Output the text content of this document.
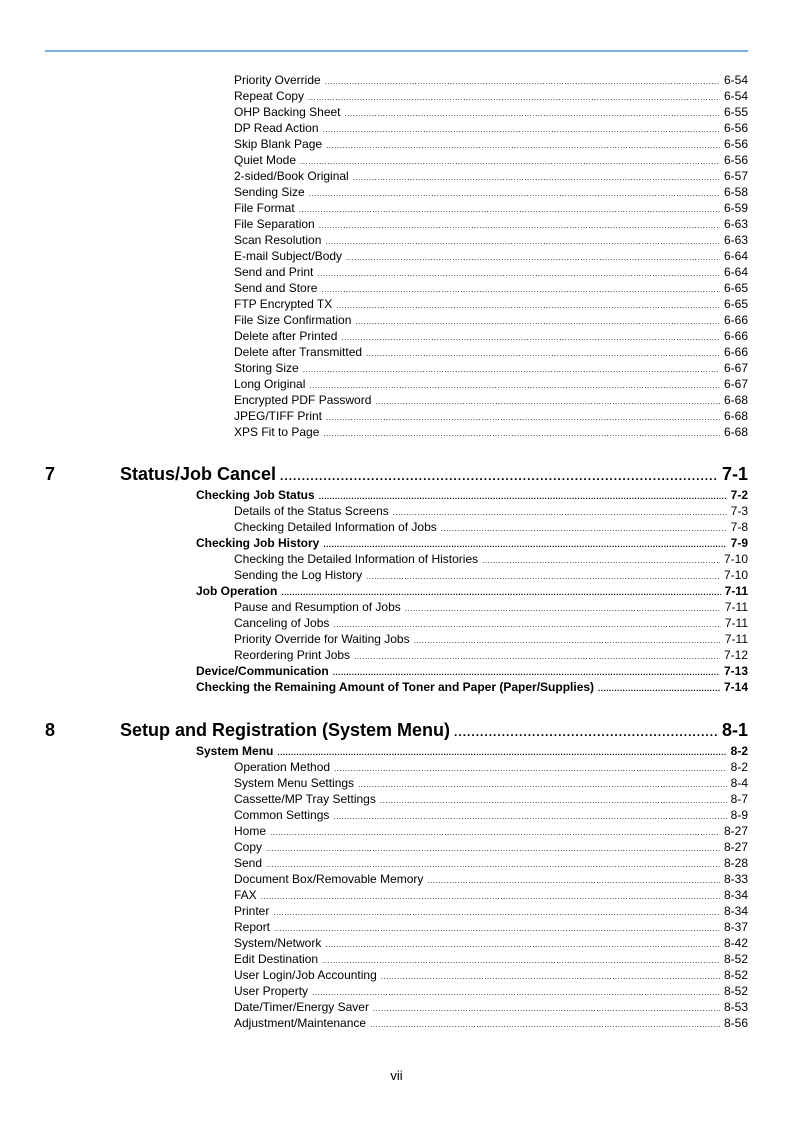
7	Status/Job Cancel .....	7-1
8	Setup and Registration (System Menu) .....	8-1
Priority Override .....	6-54
Repeat Copy .....	6-54
OHP Backing Sheet .....	6-55
DP Read Action .....	6-56
Skip Blank Page .....	6-56
Quiet Mode .....	6-56
2-sided/Book Original .....	6-57
Sending Size .....	6-58
File Format .....	6-59
File Separation .....	6-63
Scan Resolution .....	6-63
E-mail Subject/Body .....	6-64
Send and Print .....	6-64
Send and Store .....	6-65
FTP Encrypted TX .....	6-65
File Size Confirmation .....	6-66
Delete after Printed .....	6-66
Delete after Transmitted .....	6-66
Storing Size .....	6-67
Long Original .....	6-67
Encrypted PDF Password .....	6-68
JPEG/TIFF Print .....	6-68
XPS Fit to Page .....	6-68
Checking Job Status .....	7-2
Details of the Status Screens .....	7-3
Checking Detailed Information of Jobs .....	7-8
Checking Job History .....	7-9
Checking the Detailed Information of Histories .....	7-10
Sending the Log History .....	7-10
Job Operation .....	7-11
Pause and Resumption of Jobs .....	7-11
Canceling of Jobs .....	7-11
Priority Override for Waiting Jobs .....	7-11
Reordering Print Jobs .....	7-12
Device/Communication .....	7-13
Checking the Remaining Amount of Toner and Paper (Paper/Supplies) .....	7-14
System Menu .....	8-2
Operation Method .....	8-2
System Menu Settings .....	8-4
Cassette/MP Tray Settings .....	8-7
Common Settings .....	8-9
Home .....	8-27
Copy .....	8-27
Send .....	8-28
Document Box/Removable Memory .....	8-33
FAX .....	8-34
Printer .....	8-34
Report .....	8-37
System/Network .....	8-42
Edit Destination .....	8-52
User Login/Job Accounting .....	8-52
User Property .....	8-52
Date/Timer/Energy Saver .....	8-53
Adjustment/Maintenance .....	8-56
vii
